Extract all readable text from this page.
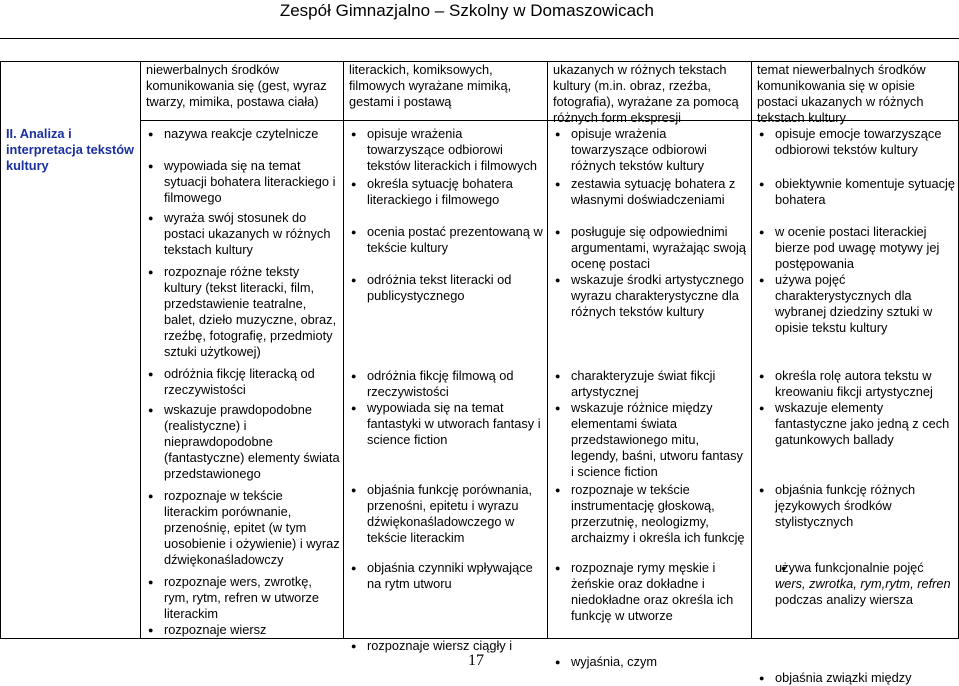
Zespół Gimnazjalno – Szkolny w Domaszowicach
II. Analiza i interpretacja tekstów kultury
niewerbalnych środków komunikowania się (gest, wyraz twarzy, mimika, postawa ciała)
literackich, komiksowych, filmowych wyrażane mimiką, gestami i postawą
ukazanych w różnych tekstach kultury (m.in. obraz, rzeźba, fotografia), wyrażane za pomocą różnych form ekspresji
temat niewerbalnych środków komunikowania się w opisie postaci ukazanych w różnych tekstach kultury
● nazywa reakcje czytelnicze
● wypowiada się na temat sytuacji bohatera literackiego i filmowego
● wyraża swój stosunek do postaci ukazanych w różnych tekstach kultury
● rozpoznaje różne teksty kultury (tekst literacki, film, przedstawienie teatralne, balet, dzieło muzyczne, obraz, rzeźbę, fotografię, przedmioty sztuki użytkowej)
● odróżnia fikcję literacką od rzeczywistości
● wskazuje prawdopodobne (realistyczne) i nieprawdopodobne (fantastyczne) elementy świata przedstawionego
● rozpoznaje w tekście literackim porównanie, przenośnię, epitet (w tym uosobienie i ożywienie) i wyraz dźwiękonaśladowczy
● rozpoznaje wers, zwrotkę, rym, rytm, refren w utworze literackim
● opisuje wrażenia towarzyszące odbiorowi tekstów literackich i filmowych
● określa sytuację bohatera literackiego i filmowego
● ocenia postać prezentowaną w tekście kultury
● odróżnia tekst literacki od publicystycznego
● odróżnia fikcję filmową od rzeczywistości
● wypowiada się na temat fantastyki w utworach fantasy i science fiction
● objaśnia funkcję porównania, przenośni, epitetu i wyrazu dźwiękonaśladowczego w tekście literackim
● objaśnia czynniki wpływające na rytm utworu
● opisuje wrażenia towarzyszące odbiorowi różnych tekstów kultury
● zestawia sytuację bohatera z własnymi doświadczeniami
● posługuje się odpowiednimi argumentami, wyrażając swoją ocenę postaci
● wskazuje środki artystycznego wyrazu charakterystyczne dla różnych tekstów kultury
● charakteryzuje świat fikcji artystycznej
● wskazuje różnice między elementami świata przedstawionego mitu, legendy, baśni, utworu fantasy i science fiction
● rozpoznaje w tekście instrumentację głoskową, przerzutnię, neologizmy, archaizmy i określa ich funkcję
● rozpoznaje rymy męskie i żeńskie oraz dokładne i niedokładne oraz określa ich funkcję w utworze
● opisuje emocje towarzyszące odbiorowi tekstów kultury
● obiektywnie komentuje sytuację bohatera
● w ocenie postaci literackiej bierze pod uwagę motywy jej postępowania
● używa pojęć charakterystycznych dla wybranej dziedziny sztuki w opisie tekstu kultury
● określa rolę autora tekstu w kreowaniu fikcji artystycznej
● wskazuje elementy fantastyczne jako jedną z cech gatunkowych ballady
● objaśnia funkcję różnych językowych środków stylistycznych
● używa funkcjonalnie pojęć
wers, zwrotka, rym,rytm, refren
podczas analizy wiersza
● rozpoznaje wiersz
● rozpoznaje wiersz ciągły i
● wyjaśnia, czym
● objaśnia związki między
17
